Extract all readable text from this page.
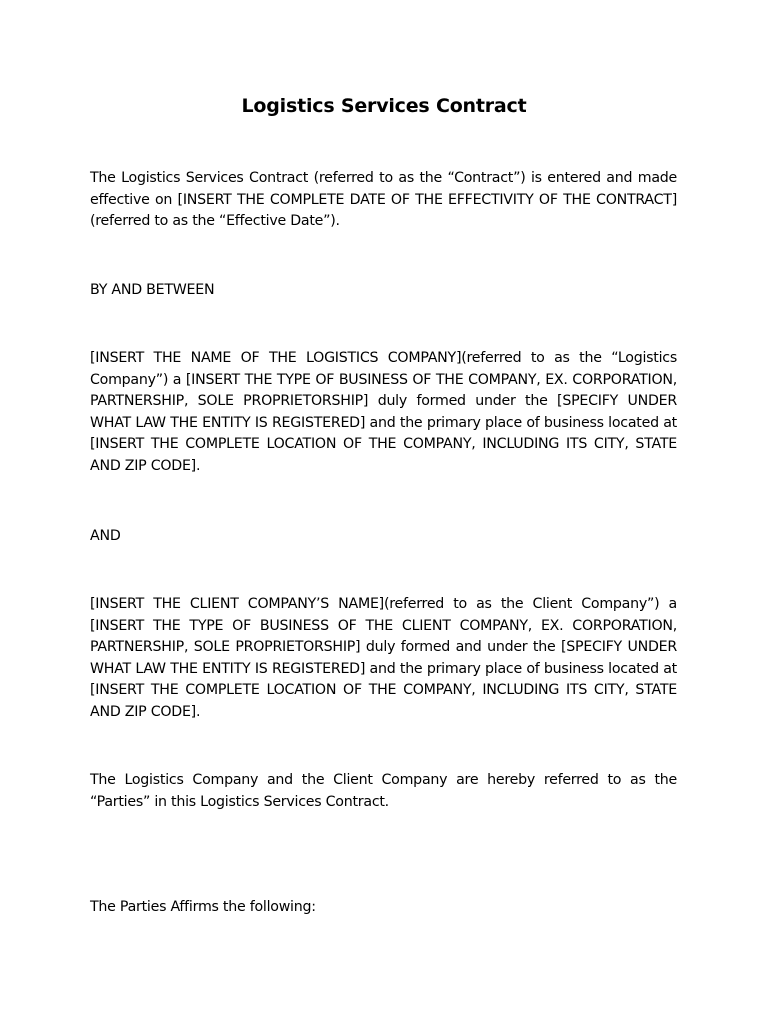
Logistics Services Contract

The Logistics Services Contract (referred to as the “Contract”) is entered and made effective on [INSERT THE COMPLETE DATE OF THE EFFECTIVITY OF THE CONTRACT] (referred to as the “Effective Date”).

BY AND BETWEEN

[INSERT THE NAME OF THE LOGISTICS COMPANY](referred to as the “Logistics Company”) a [INSERT THE TYPE OF BUSINESS OF THE COMPANY, EX. CORPORATION, PARTNERSHIP, SOLE PROPRIETORSHIP] duly formed under the [SPECIFY UNDER WHAT LAW THE ENTITY IS REGISTERED] and the primary place of business located at [INSERT THE COMPLETE LOCATION OF THE COMPANY, INCLUDING ITS CITY, STATE AND ZIP CODE].

AND

[INSERT THE CLIENT COMPANY’S NAME](referred to as the Client Company”) a [INSERT THE TYPE OF BUSINESS OF THE CLIENT COMPANY, EX. CORPORATION, PARTNERSHIP, SOLE PROPRIETORSHIP] duly formed and under the [SPECIFY UNDER WHAT LAW THE ENTITY IS REGISTERED] and the primary place of business located at [INSERT THE COMPLETE LOCATION OF THE COMPANY, INCLUDING ITS CITY, STATE AND ZIP CODE].

The Logistics Company and the Client Company are hereby referred to as the “Parties” in this Logistics Services Contract.

The Parties Affirms the following:
